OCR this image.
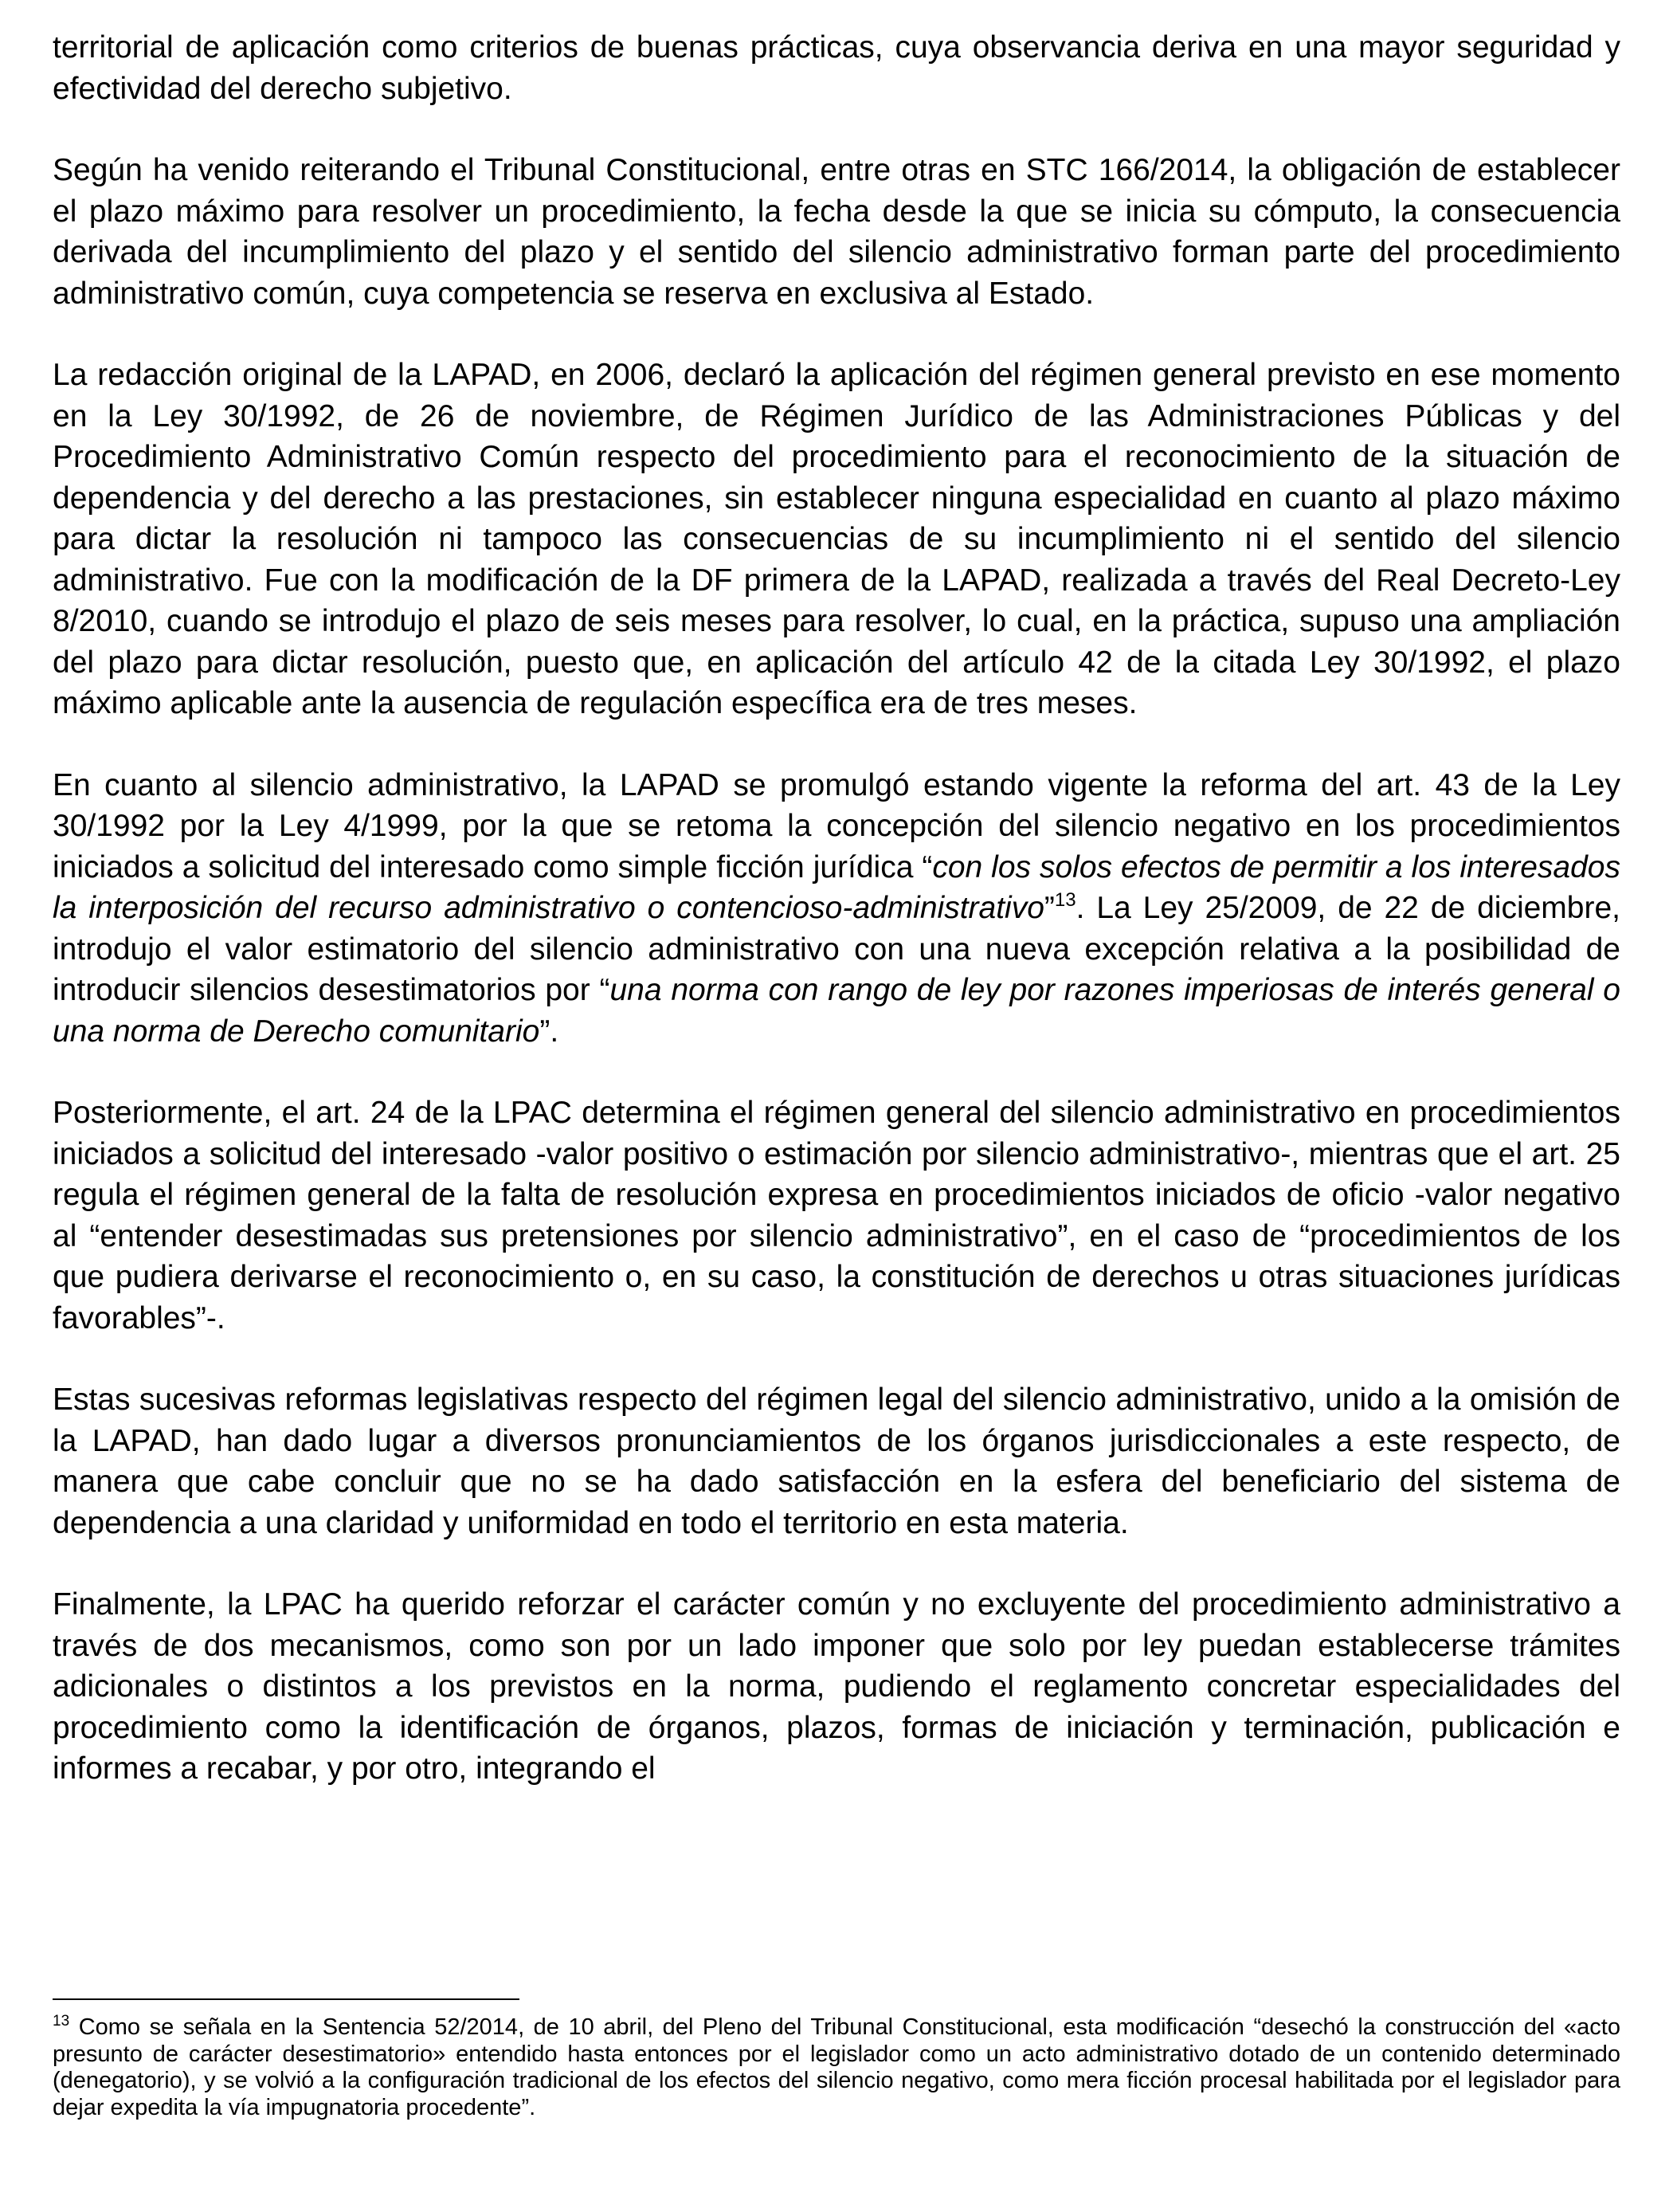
territorial de aplicación como criterios de buenas prácticas, cuya observancia deriva en una mayor seguridad y efectividad del derecho subjetivo.

Según ha venido reiterando el Tribunal Constitucional, entre otras en STC 166/2014, la obligación de establecer el plazo máximo para resolver un procedimiento, la fecha desde la que se inicia su cómputo, la consecuencia derivada del incumplimiento del plazo y el sentido del silencio administrativo forman parte del procedimiento administrativo común, cuya competencia se reserva en exclusiva al Estado.

La redacción original de la LAPAD, en 2006, declaró la aplicación del régimen general previsto en ese momento en la Ley 30/1992, de 26 de noviembre, de Régimen Jurídico de las Administraciones Públicas y del Procedimiento Administrativo Común respecto del procedimiento para el reconocimiento de la situación de dependencia y del derecho a las prestaciones, sin establecer ninguna especialidad en cuanto al plazo máximo para dictar la resolución ni tampoco las consecuencias de su incumplimiento ni el sentido del silencio administrativo. Fue con la modificación de la DF primera de la LAPAD, realizada a través del Real Decreto-Ley 8/2010, cuando se introdujo el plazo de seis meses para resolver, lo cual, en la práctica, supuso una ampliación del plazo para dictar resolución, puesto que, en aplicación del artículo 42 de la citada Ley 30/1992, el plazo máximo aplicable ante la ausencia de regulación específica era de tres meses.

En cuanto al silencio administrativo, la LAPAD se promulgó estando vigente la reforma del art. 43 de la Ley 30/1992 por la Ley 4/1999, por la que se retoma la concepción del silencio negativo en los procedimientos iniciados a solicitud del interesado como simple ficción jurídica “con los solos efectos de permitir a los interesados la interposición del recurso administrativo o contencioso-administrativo”$^{13}$. La Ley 25/2009, de 22 de diciembre, introdujo el valor estimatorio del silencio administrativo con una nueva excepción relativa a la posibilidad de introducir silencios desestimatorios por “una norma con rango de ley por razones imperiosas de interés general o una norma de Derecho comunitario”.

Posteriormente, el art. 24 de la LPAC determina el régimen general del silencio administrativo en procedimientos iniciados a solicitud del interesado -valor positivo o estimación por silencio administrativo-, mientras que el art. 25 regula el régimen general de la falta de resolución expresa en procedimientos iniciados de oficio -valor negativo al “entender desestimadas sus pretensiones por silencio administrativo”, en el caso de “procedimientos de los que pudiera derivarse el reconocimiento o, en su caso, la constitución de derechos u otras situaciones jurídicas favorables”-.

Estas sucesivas reformas legislativas respecto del régimen legal del silencio administrativo, unido a la omisión de la LAPAD, han dado lugar a diversos pronunciamientos de los órganos jurisdiccionales a este respecto, de manera que cabe concluir que no se ha dado satisfacción en la esfera del beneficiario del sistema de dependencia a una claridad y uniformidad en todo el territorio en esta materia.

Finalmente, la LPAC ha querido reforzar el carácter común y no excluyente del procedimiento administrativo a través de dos mecanismos, como son por un lado imponer que solo por ley puedan establecerse trámites adicionales o distintos a los previstos en la norma, pudiendo el reglamento concretar especialidades del procedimiento como la identificación de órganos, plazos, formas de iniciación y terminación, publicación e informes a recabar, y por otro, integrando el

$^{13}$ Como se señala en la Sentencia 52/2014, de 10 abril, del Pleno del Tribunal Constitucional, esta modificación “desechó la construcción del «acto presunto de carácter desestimatorio» entendido hasta entonces por el legislador como un acto administrativo dotado de un contenido determinado (denegatorio), y se volvió a la configuración tradicional de los efectos del silencio negativo, como mera ficción procesal habilitada por el legislador para dejar expedita la vía impugnatoria procedente”.
